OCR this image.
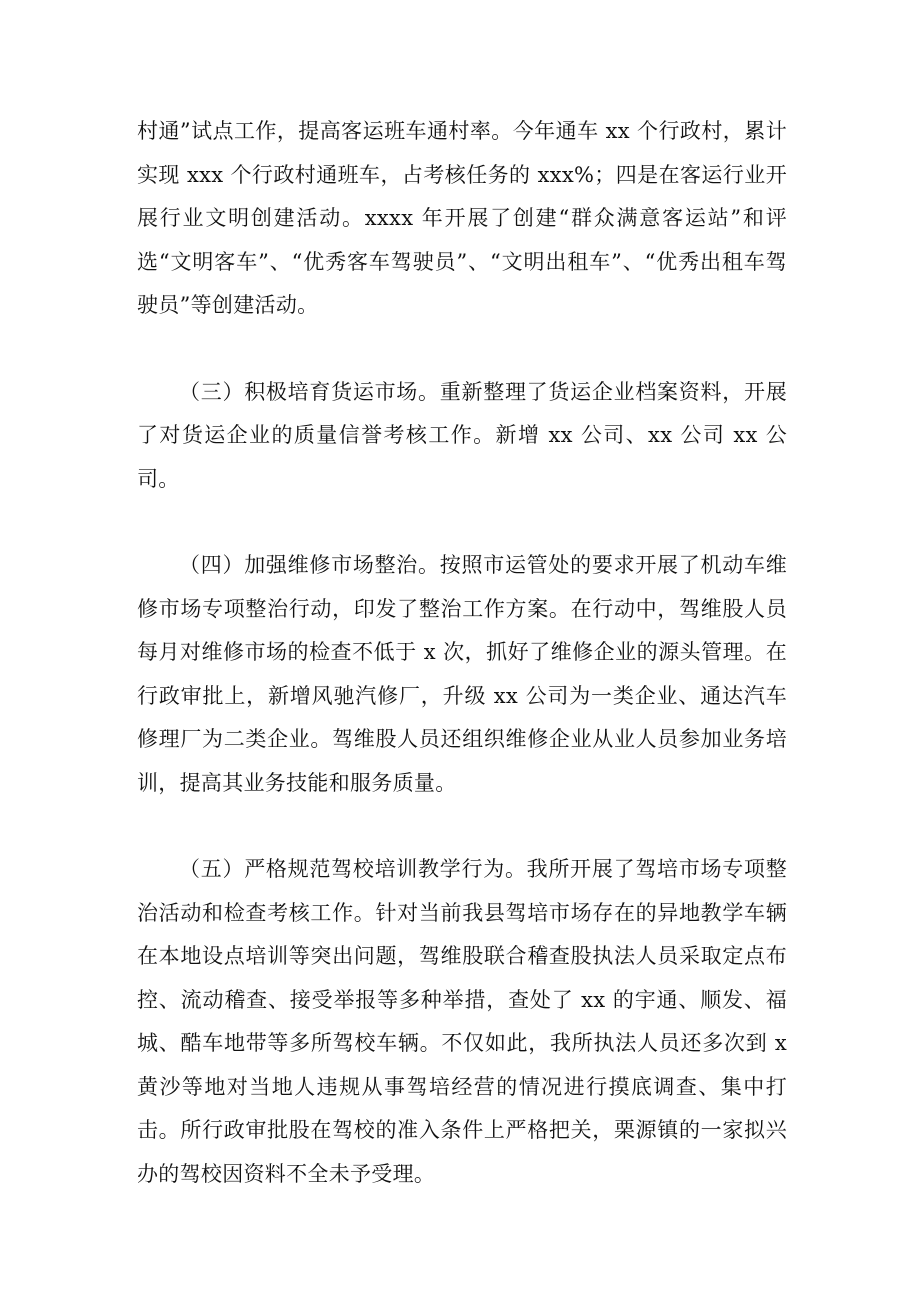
村通”试点工作，提高客运班车通村率。今年通车 xx 个行政村，累计实现 xxx 个行政村通班车，占考核任务的 xxx%；四是在客运行业开展行业文明创建活动。xxxx 年开展了创建“群众满意客运站”和评选“文明客车”、“优秀客车驾驶员”、“文明出租车”、“优秀出租车驾驶员”等创建活动。

（三）积极培育货运市场。重新整理了货运企业档案资料，开展了对货运企业的质量信誉考核工作。新增 xx 公司、xx 公司 xx 公司。

（四）加强维修市场整治。按照市运管处的要求开展了机动车维修市场专项整治行动，印发了整治工作方案。在行动中，驾维股人员每月对维修市场的检查不低于 x 次，抓好了维修企业的源头管理。在行政审批上，新增风驰汽修厂，升级 xx 公司为一类企业、通达汽车修理厂为二类企业。驾维股人员还组织维修企业从业人员参加业务培训，提高其业务技能和服务质量。

（五）严格规范驾校培训教学行为。我所开展了驾培市场专项整治活动和检查考核工作。针对当前我县驾培市场存在的异地教学车辆在本地设点培训等突出问题，驾维股联合稽查股执法人员采取定点布控、流动稽查、接受举报等多种举措，查处了 xx 的宇通、顺发、福城、酷车地带等多所驾校车辆。不仅如此，我所执法人员还多次到 x 黄沙等地对当地人违规从事驾培经营的情况进行摸底调查、集中打击。所行政审批股在驾校的准入条件上严格把关，栗源镇的一家拟兴办的驾校因资料不全未予受理。
